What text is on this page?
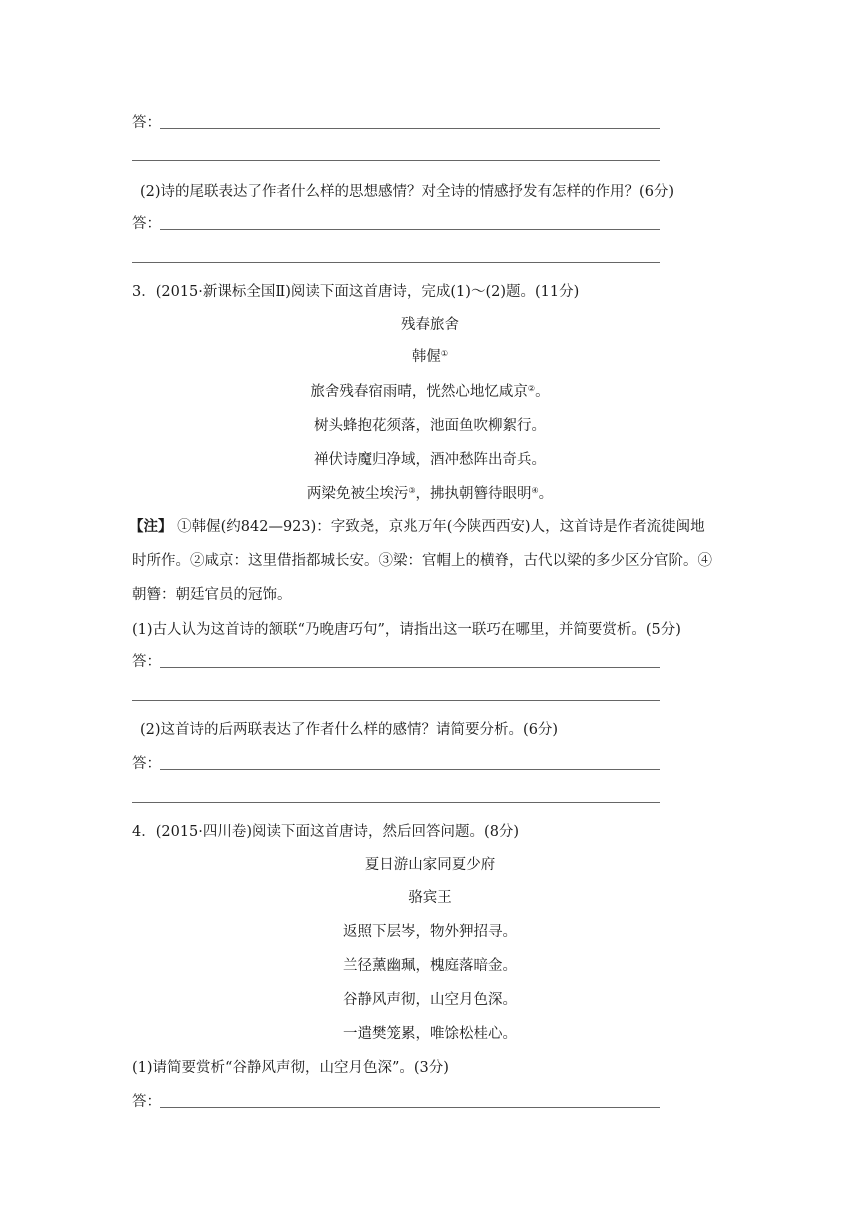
答：
(2)诗的尾联表达了作者什么样的思想感情？对全诗的情感抒发有怎样的作用？(6分)
答：
3．(2015·新课标全国Ⅱ)阅读下面这首唐诗，完成(1)～(2)题。(11分)
残春旅舍
韩偓①
旅舍残春宿雨晴，恍然心地忆咸京②。
树头蜂抱花须落，池面鱼吹柳絮行。
禅伏诗魔归净域，酒冲愁阵出奇兵。
两梁免被尘埃污③，拂执朝簪待眼明④。
【注】 ①韩偓(约842—923)：字致尧，京兆万年(今陕西西安)人，这首诗是作者流徙闽地
时所作。②咸京：这里借指都城长安。③梁：官帽上的横脊，古代以梁的多少区分官阶。④
朝簪：朝廷官员的冠饰。
(1)古人认为这首诗的颔联“乃晚唐巧句”，请指出这一联巧在哪里，并简要赏析。(5分)
答：
(2)这首诗的后两联表达了作者什么样的感情？请简要分析。(6分)
答：
4．(2015·四川卷)阅读下面这首唐诗，然后回答问题。(8分)
夏日游山家同夏少府
骆宾王
返照下层岑，物外狎招寻。
兰径薰幽珮，槐庭落暗金。
谷静风声彻，山空月色深。
一遣樊笼累，唯馀松桂心。
(1)请简要赏析“谷静风声彻，山空月色深”。(3分)
答：
